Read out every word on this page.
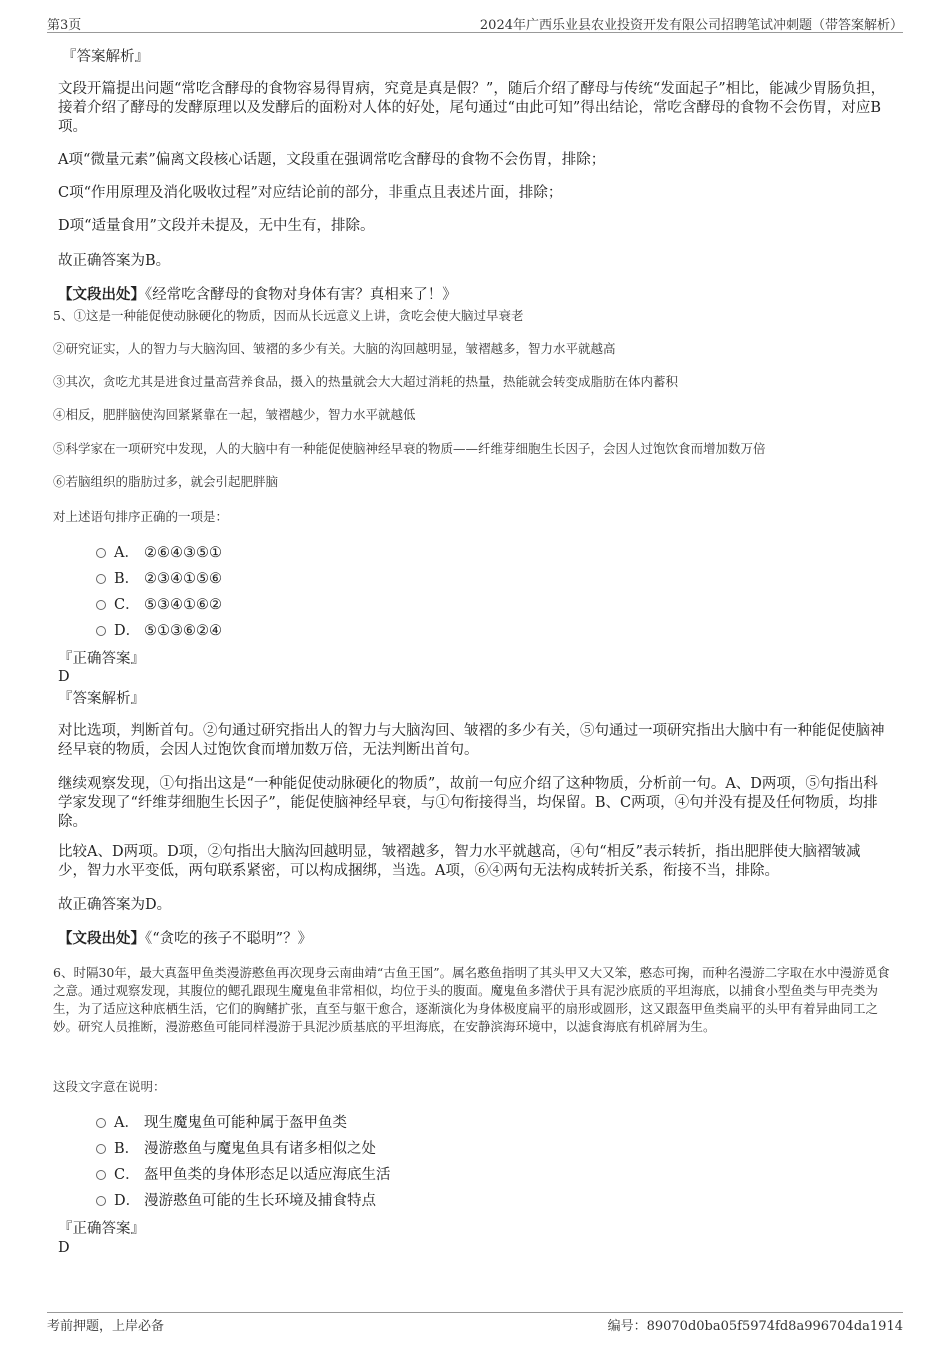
第3页	2024年广西乐业县农业投资开发有限公司招聘笔试冲刺题（带答案解析）
『答案解析』
文段开篇提出问题“常吃含酵母的食物容易得胃病，究竟是真是假？”，随后介绍了酵母与传统“发面起子”相比，能减少胃肠负担，接着介绍了酵母的发酵原理以及发酵后的面粉对人体的好处，尾句通过“由此可知”得出结论，常吃含酵母的食物不会伤胃，对应B项。
A项“微量元素”偏离文段核心话题，文段重在强调常吃含酵母的食物不会伤胃，排除；
C项“作用原理及消化吸收过程”对应结论前的部分，非重点且表述片面，排除；
D项“适量食用”文段并未提及，无中生有，排除。
故正确答案为B。
【文段出处】《经常吃含酵母的食物对身体有害？真相来了！》
5、①这是一种能促使动脉硬化的物质，因而从长远意义上讲，贪吃会使大脑过早衰老
②研究证实，人的智力与大脑沟回、皱褶的多少有关。大脑的沟回越明显，皱褶越多，智力水平就越高
③其次，贪吃尤其是进食过量高营养食品，摄入的热量就会大大超过消耗的热量，热能就会转变成脂肪在体内蓄积
④相反，肥胖脑使沟回紧紧靠在一起，皱褶越少，智力水平就越低
⑤科学家在一项研究中发现，人的大脑中有一种能促使脑神经早衰的物质——纤维芽细胞生长因子，会因人过饱饮食而增加数万倍
⑥若脑组织的脂肪过多，就会引起肥胖脑
对上述语句排序正确的一项是：
A． ②⑥④③⑤①
B． ②③④①⑤⑥
C． ⑤③④①⑥②
D． ⑤①③⑥②④
『正确答案』
D
『答案解析』
对比选项，判断首句。②句通过研究指出人的智力与大脑沟回、皱褶的多少有关，⑤句通过一项研究指出大脑中有一种能促使脑神经早衰的物质，会因人过饱饮食而增加数万倍，无法判断出首句。
继续观察发现，①句指出这是“一种能促使动脉硬化的物质”，故前一句应介绍了这种物质，分析前一句。A、D两项，⑤句指出科学家发现了“纤维芽细胞生长因子”，能促使脑神经早衰，与①句衔接得当，均保留。B、C两项，④句并没有提及任何物质，均排除。
比较A、D两项。D项，②句指出大脑沟回越明显，皱褶越多，智力水平就越高，④句“相反”表示转折，指出肥胖使大脑褶皱减少，智力水平变低，两句联系紧密，可以构成捆绑，当选。A项，⑥④两句无法构成转折关系，衔接不当，排除。
故正确答案为D。
【文段出处】《“贪吃的孩子不聪明”？》
6、时隔30年，最大真盔甲鱼类漫游憨鱼再次现身云南曲靖“古鱼王国”。属名憨鱼指明了其头甲又大又笨，憨态可掬，而种名漫游二字取在水中漫游觅食之意。通过观察发现，其腹位的鳃孔跟现生魔鬼鱼非常相似，均位于头的腹面。魔鬼鱼多潜伏于具有泥沙底质的平坦海底，以捕食小型鱼类与甲壳类为生，为了适应这种底栖生活，它们的胸鳍扩张，直至与躯干愈合，逐渐演化为身体极度扁平的扇形或圆形，这又跟盔甲鱼类扁平的头甲有着异曲同工之妙。研究人员推断，漫游憨鱼可能同样漫游于具泥沙质基底的平坦海底，在安静滨海环境中，以滤食海底有机碎屑为生。
这段文字意在说明：
A． 现生魔鬼鱼可能种属于盔甲鱼类
B． 漫游憨鱼与魔鬼鱼具有诸多相似之处
C． 盔甲鱼类的身体形态足以适应海底生活
D． 漫游憨鱼可能的生长环境及捕食特点
『正确答案』
D
考前押题，上岸必备	编号：89070d0ba05f5974fd8a996704da1914
